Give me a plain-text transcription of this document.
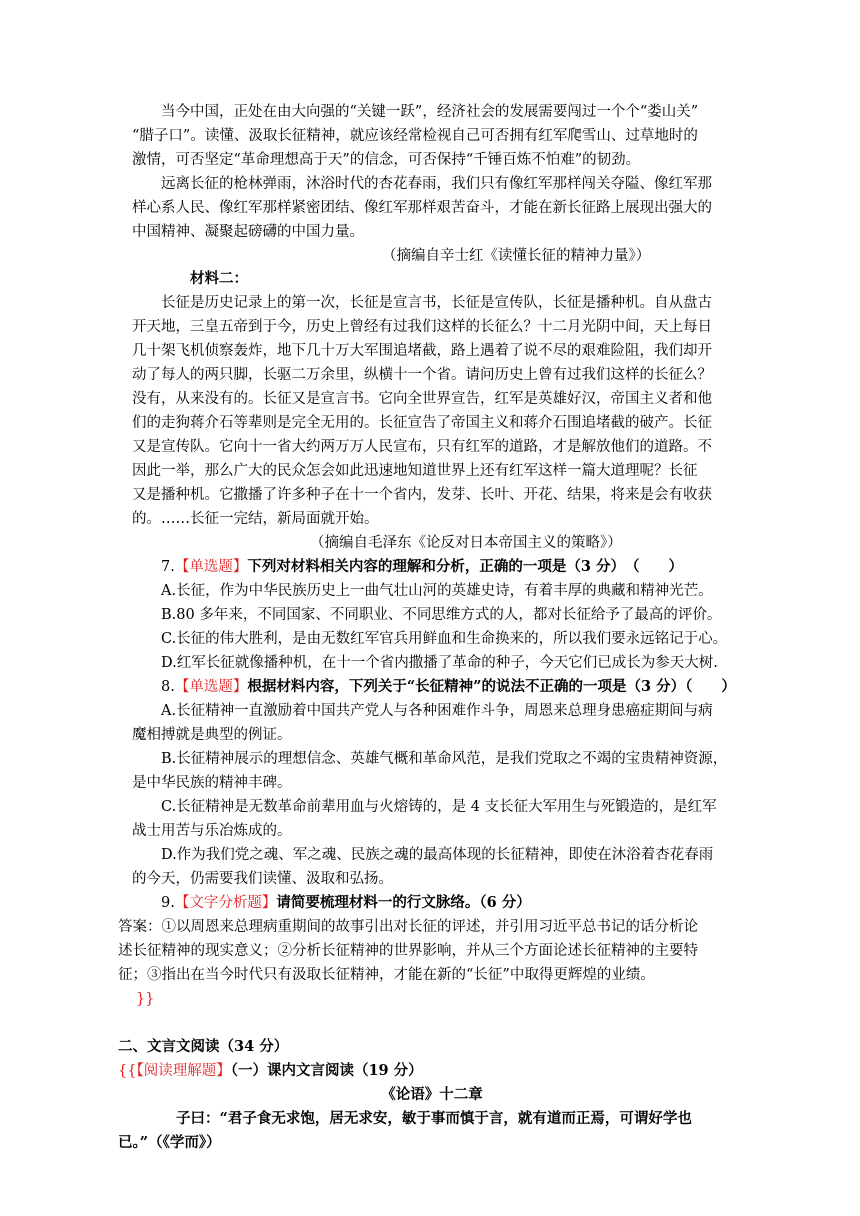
当今中国，正处在由大向强的“关键一跃”，经济社会的发展需要闯过一个个“娄山关”
“腊子口”。读懂、汲取长征精神，就应该经常检视自己可否拥有红军爬雪山、过草地时的
激情，可否坚定“革命理想高于天”的信念，可否保持“千锤百炼不怕难”的韧劲。
远离长征的枪林弹雨，沐浴时代的杏花春雨，我们只有像红军那样闯关夺隘、像红军那
样心系人民、像红军那样紧密团结、像红军那样艰苦奋斗，才能在新长征路上展现出强大的
中国精神、凝聚起磅礴的中国力量。
（摘编自辛士红《读懂长征的精神力量》）
材料二：
长征是历史记录上的第一次，长征是宣言书，长征是宣传队，长征是播种机。自从盘古
开天地，三皇五帝到于今，历史上曾经有过我们这样的长征么？十二月光阴中间，天上每日
几十架飞机侦察轰炸，地下几十万大军围追堵截，路上遇着了说不尽的艰难险阻，我们却开
动了每人的两只脚，长驱二万余里，纵横十一个省。请问历史上曾有过我们这样的长征么？
没有，从来没有的。长征又是宣言书。它向全世界宣告，红军是英雄好汉，帝国主义者和他
们的走狗蒋介石等辈则是完全无用的。长征宣告了帝国主义和蒋介石围追堵截的破产。长征
又是宣传队。它向十一省大约两万万人民宣布，只有红军的道路，才是解放他们的道路。不
因此一举，那么广大的民众怎会如此迅速地知道世界上还有红军这样一篇大道理呢？长征
又是播种机。它撒播了许多种子在十一个省内，发芽、长叶、开花、结果，将来是会有收获
的。……长征一完结，新局面就开始。
（摘编自毛泽东《论反对日本帝国主义的策略》）
7.【单选题】下列对材料相关内容的理解和分析，正确的一项是（3 分）　（　　）
A.长征，作为中华民族历史上一曲气壮山河的英雄史诗，有着丰厚的典藏和精神光芒。
B.80 多年来，不同国家、不同职业、不同思维方式的人，都对长征给予了最高的评价。
C.长征的伟大胜利，是由无数红军官兵用鲜血和生命换来的，所以我们要永远铭记于心。
D.红军长征就像播种机，在十一个省内撒播了革命的种子，今天它们已成长为参天大树.
8.【单选题】根据材料内容，下列关于“长征精神”的说法不正确的一项是（3 分）（　　）
A.长征精神一直激励着中国共产党人与各种困难作斗争，周恩来总理身患癌症期间与病
魔相搏就是典型的例证。
B.长征精神展示的理想信念、英雄气概和革命风范，是我们党取之不竭的宝贵精神资源，
是中华民族的精神丰碑。
C.长征精神是无数革命前辈用血与火熔铸的，是 4 支长征大军用生与死锻造的，是红军
战士用苦与乐冶炼成的。
D.作为我们党之魂、军之魂、民族之魂的最高体现的长征精神，即使在沐浴着杏花春雨
的今天，仍需要我们读懂、汲取和弘扬。
9.【文字分析题】请简要梳理材料一的行文脉络。（6 分）
答案：①以周恩来总理病重期间的故事引出对长征的评述，并引用习近平总书记的话分析论
述长征精神的现实意义；②分析长征精神的世界影响，并从三个方面论述长征精神的主要特
征；③指出在当今时代只有汲取长征精神，才能在新的“长征”中取得更辉煌的业绩。
}}
二、文言文阅读（34 分）
{{【阅读理解题】（一）课内文言阅读（19 分）
《论语》十二章
子曰：“君子食无求饱，居无求安，敏于事而慎于言，就有道而正焉，可谓好学也
已。”（《学而》）
